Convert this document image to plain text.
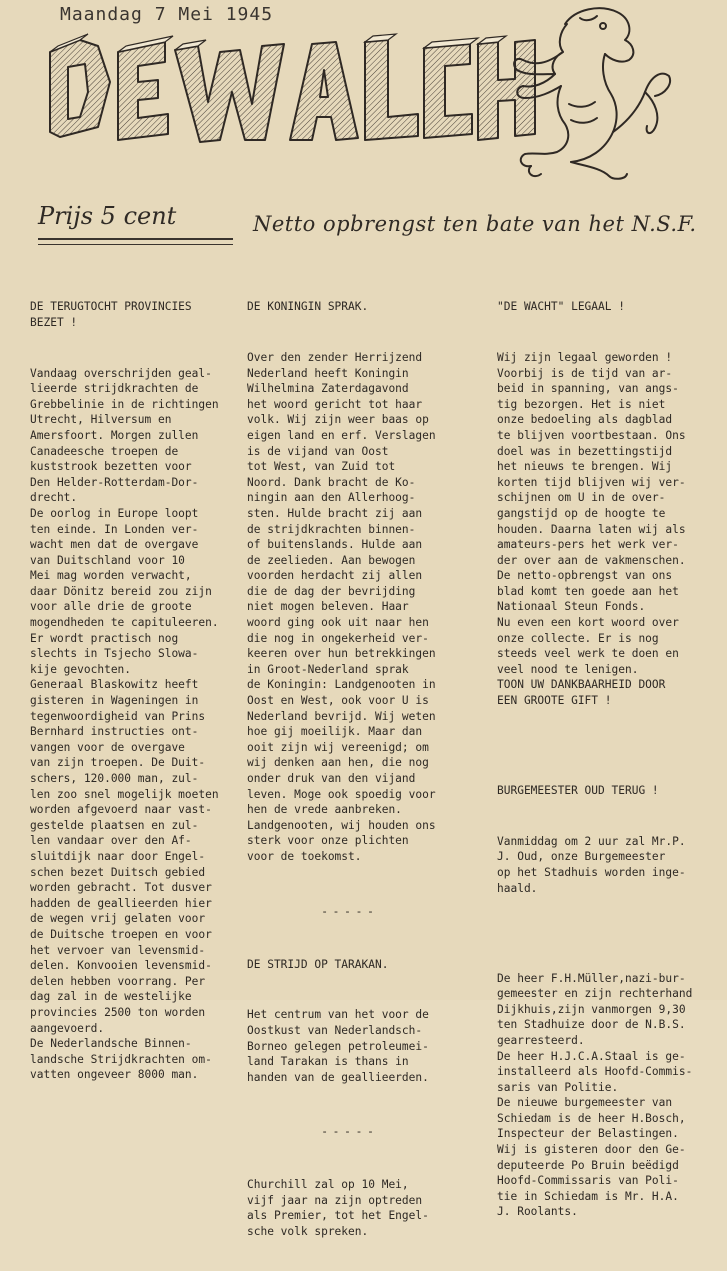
Maandag 7 Mei 1945
Prijs 5 cent	Netto opbrengst ten bate van het N.S.F.

DE TERUGTOCHT PROVINCIES
BEZET !

Vandaag overschrijden geal-
lieerde strijdkrachten de
Grebbelinie in de richtingen
Utrecht, Hilversum en
Amersfoort. Morgen zullen
Canadeesche troepen de
kuststrook bezetten voor
Den Helder-Rotterdam-Dor-
drecht.
De oorlog in Europe loopt
ten einde. In Londen ver-
wacht men dat de overgave
van Duitschland voor 10
Mei mag worden verwacht,
daar Dönitz bereid zou zijn
voor alle drie de groote
mogendheden te capituleeren.
Er wordt practisch nog
slechts in Tsjecho Slowa-
kije gevochten.
Generaal Blaskowitz heeft
gisteren in Wageningen in
tegenwoordigheid van Prins
Bernhard instructies ont-
vangen voor de overgave
van zijn troepen. De Duit-
schers, 120.000 man, zul-
len zoo snel mogelijk moeten
worden afgevoerd naar vast-
gestelde plaatsen en zul-
len vandaar over den Af-
sluitdijk naar door Engel-
schen bezet Duitsch gebied
worden gebracht. Tot dusver
hadden de geallieerden hier
de wegen vrij gelaten voor
de Duitsche troepen en voor
het vervoer van levensmid-
delen. Konvooien levensmid-
delen hebben voorrang. Per
dag zal in de westelijke
provincies 2500 ton worden
aangevoerd.
De Nederlandsche Binnen-
landsche Strijdkrachten om-
vatten ongeveer 8000 man.

DE KONINGIN SPRAK.

Over den zender Herrijzend
Nederland heeft Koningin
Wilhelmina Zaterdagavond
het woord gericht tot haar
volk. Wij zijn weer baas op
eigen land en erf. Verslagen
is de vijand van Oost
tot West, van Zuid tot
Noord. Dank bracht de Ko-
ningin aan den Allerhoog-
sten. Hulde bracht zij aan
de strijdkrachten binnen-
of buitenslands. Hulde aan
de zeelieden. Aan bewogen
voorden herdacht zij allen
die de dag der bevrijding
niet mogen beleven. Haar
woord ging ook uit naar hen
die nog in ongekerheid ver-
keeren over hun betrekkingen
in Groot-Nederland sprak
de Koningin: Landgenooten in
Oost en West, ook voor U is
Nederland bevrijd. Wij weten
hoe gij moeilijk. Maar dan
ooit zijn wij vereenigd; om
wij denken aan hen, die nog
onder druk van den vijand
leven. Moge ook spoedig voor
hen de vrede aanbreken.
Landgenooten, wij houden ons
sterk voor onze plichten
voor de toekomst.

- - - - -

DE STRIJD OP TARAKAN.

Het centrum van het voor de
Oostkust van Nederlandsch-
Borneo gelegen petroleumei-
land Tarakan is thans in
handen van de geallieerden.

- - - - -

Churchill zal op 10 Mei,
vijf jaar na zijn optreden
als Premier, tot het Engel-
sche volk spreken.

"DE WACHT" LEGAAL !

Wij zijn legaal geworden !
Voorbij is de tijd van ar-
beid in spanning, van angs-
tig bezorgen. Het is niet
onze bedoeling als dagblad
te blijven voortbestaan. Ons
doel was in bezettingstijd
het nieuws te brengen. Wij
korten tijd blijven wij ver-
schijnen om U in de over-
gangstijd op de hoogte te
houden. Daarna laten wij als
amateurs-pers het werk ver-
der over aan de vakmenschen.
De netto-opbrengst van ons
blad komt ten goede aan het
Nationaal Steun Fonds.
Nu even een kort woord over
onze collecte. Er is nog
steeds veel werk te doen en
veel nood te lenigen.
TOON UW DANKBAARHEID DOOR
EEN GROOTE GIFT !

BURGEMEESTER OUD TERUG !

Vanmiddag om 2 uur zal Mr.P.
J. Oud, onze Burgemeester
op het Stadhuis worden inge-
haald.

De heer F.H.Müller,nazi-bur-
gemeester en zijn rechterhand
Dijkhuis,zijn vanmorgen 9,30
ten Stadhuize door de N.B.S.
gearresteerd.
De heer H.J.C.A.Staal is ge-
installeerd als Hoofd-Commis-
saris van Politie.
De nieuwe burgemeester van
Schiedam is de heer H.Bosch,
Inspecteur der Belastingen.
Wij is gisteren door den Ge-
deputeerde Po Bruin beëdigd
Hoofd-Commissaris van Poli-
tie in Schiedam is Mr. H.A.
J. Roolants.
